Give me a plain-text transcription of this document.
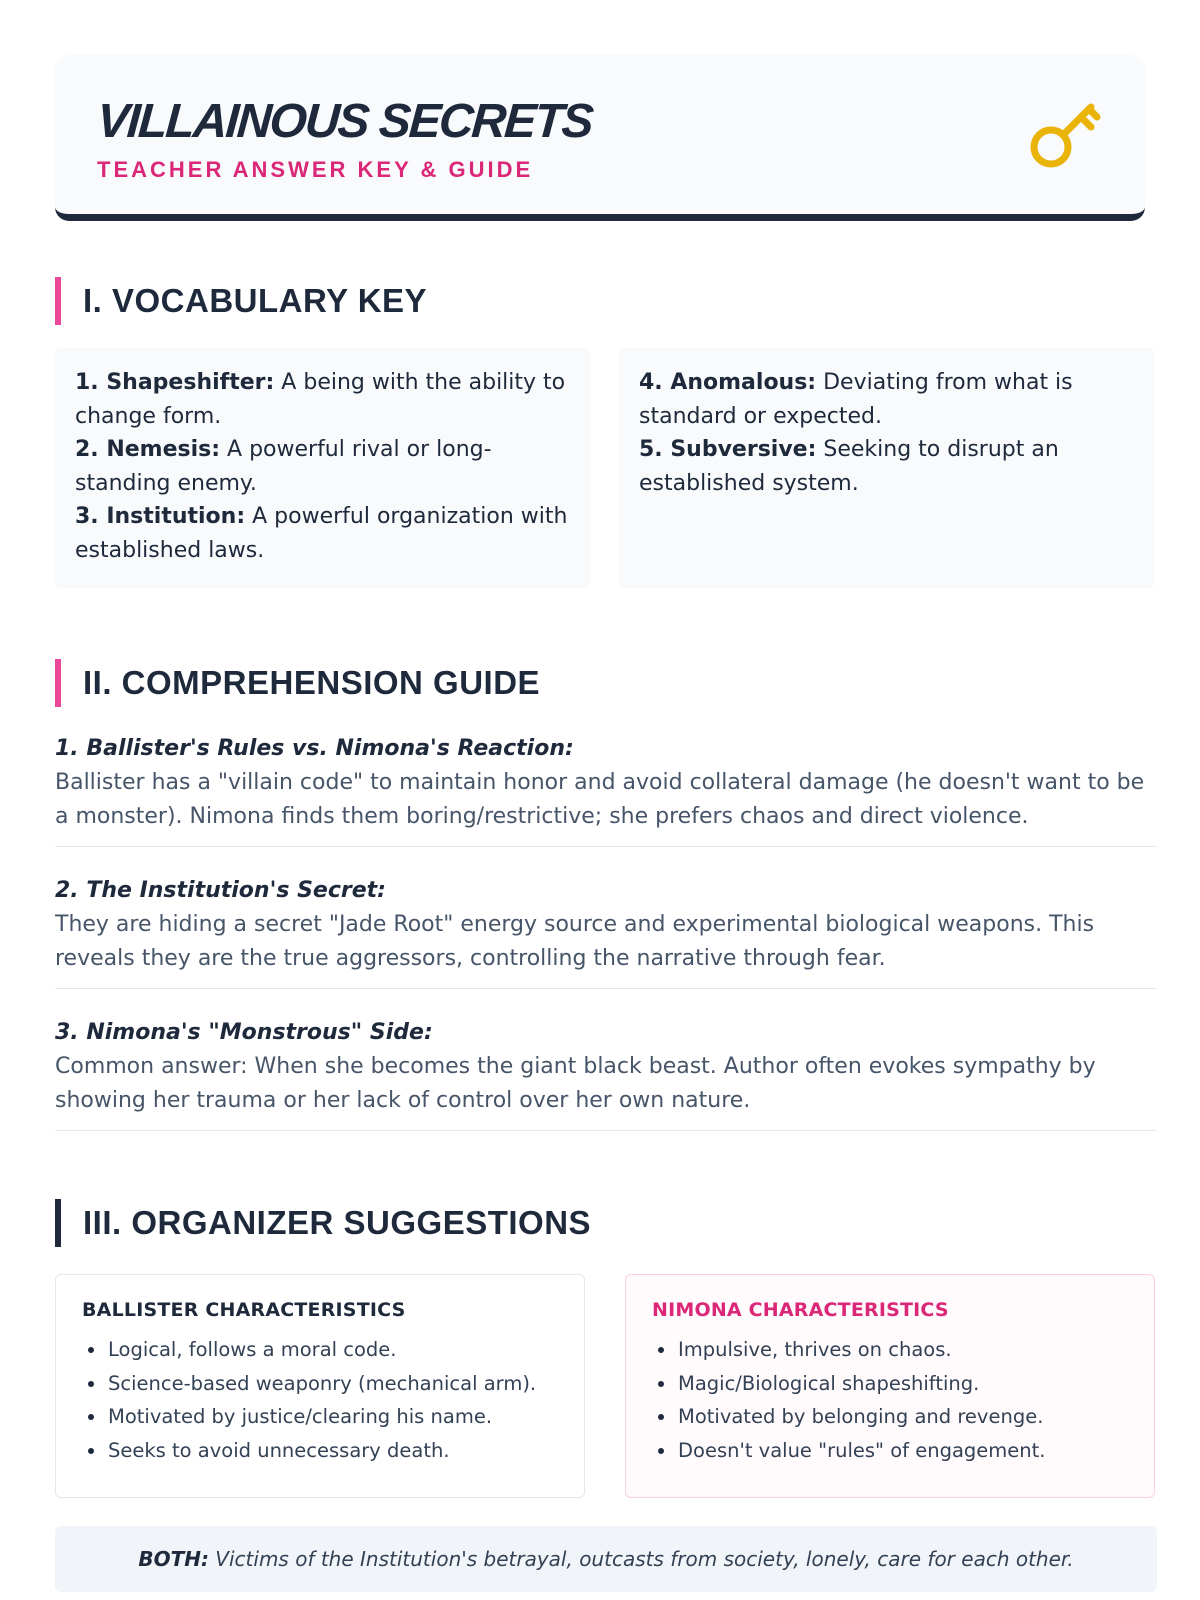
VILLAINOUS SECRETS
TEACHER ANSWER KEY & GUIDE
I. VOCABULARY KEY
1. Shapeshifter: A being with the ability to change form.
2. Nemesis: A powerful rival or long-standing enemy.
3. Institution: A powerful organization with established laws.
4. Anomalous: Deviating from what is standard or expected.
5. Subversive: Seeking to disrupt an established system.
II. COMPREHENSION GUIDE
1. Ballister's Rules vs. Nimona's Reaction:
Ballister has a "villain code" to maintain honor and avoid collateral damage (he doesn't want to be a monster). Nimona finds them boring/restrictive; she prefers chaos and direct violence.
2. The Institution's Secret:
They are hiding a secret "Jade Root" energy source and experimental biological weapons. This reveals they are the true aggressors, controlling the narrative through fear.
3. Nimona's "Monstrous" Side:
Common answer: When she becomes the giant black beast. Author often evokes sympathy by showing her trauma or her lack of control over her own nature.
III. ORGANIZER SUGGESTIONS
BALLISTER CHARACTERISTICS
Logical, follows a moral code.
Science-based weaponry (mechanical arm).
Motivated by justice/clearing his name.
Seeks to avoid unnecessary death.
NIMONA CHARACTERISTICS
Impulsive, thrives on chaos.
Magic/Biological shapeshifting.
Motivated by belonging and revenge.
Doesn't value "rules" of engagement.
BOTH: Victims of the Institution's betrayal, outcasts from society, lonely, care for each other.
